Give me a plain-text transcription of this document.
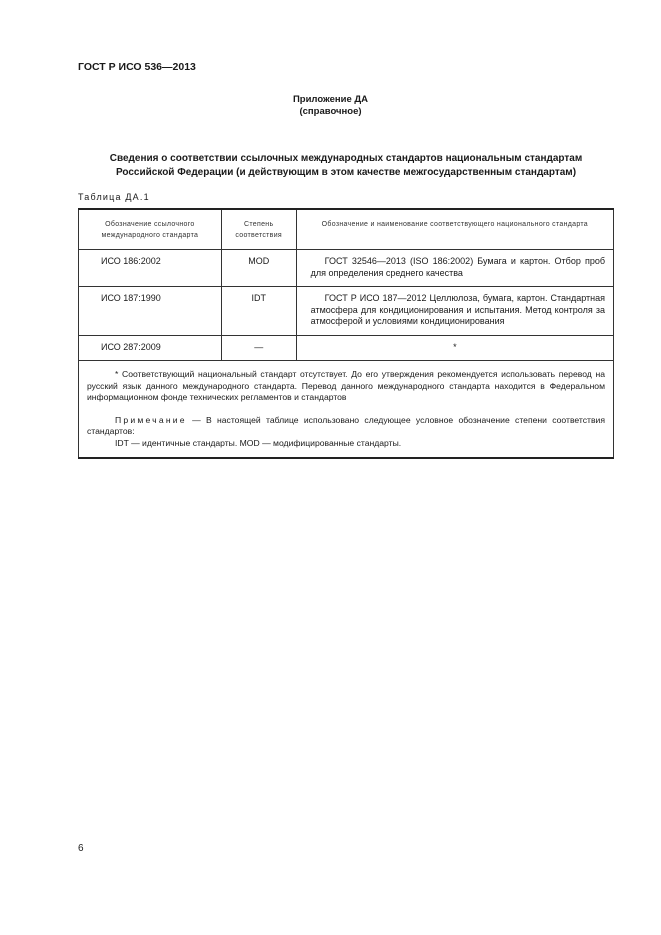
ГОСТ Р ИСО 536—2013
Приложение ДА
(справочное)
Сведения о соответствии ссылочных международных стандартов национальным стандартам
Российской Федерации (и действующим в этом качестве межгосударственным стандартам)
Таблица ДА.1
Обозначение ссылочного международного стандарта	Степень соответствия	Обозначение и наименование соответствующего национального стандарта
ИСО 186:2002	MOD	ГОСТ 32546—2013 (ISO 186:2002) Бумага и картон. Отбор проб для определения среднего качества
ИСО 187:1990	IDT	ГОСТ Р ИСО 187—2012 Целлюлоза, бумага, картон. Стандартная атмосфера для кондиционирования и испытания. Метод контроля за атмосферой и условиями кондиционирования
ИСО 287:2009	—	*

* Соответствующий национальный стандарт отсутствует. До его утверждения рекомендуется использовать перевод на русский язык данного международного стандарта. Перевод данного международного стандарта находится в Федеральном информационном фонде технических регламентов и стандартов
Примечание — В настоящей таблице использовано следующее условное обозначение степени соответствия стандартов:
IDT — идентичные стандарты. MOD — модифицированные стандарты.		
6
